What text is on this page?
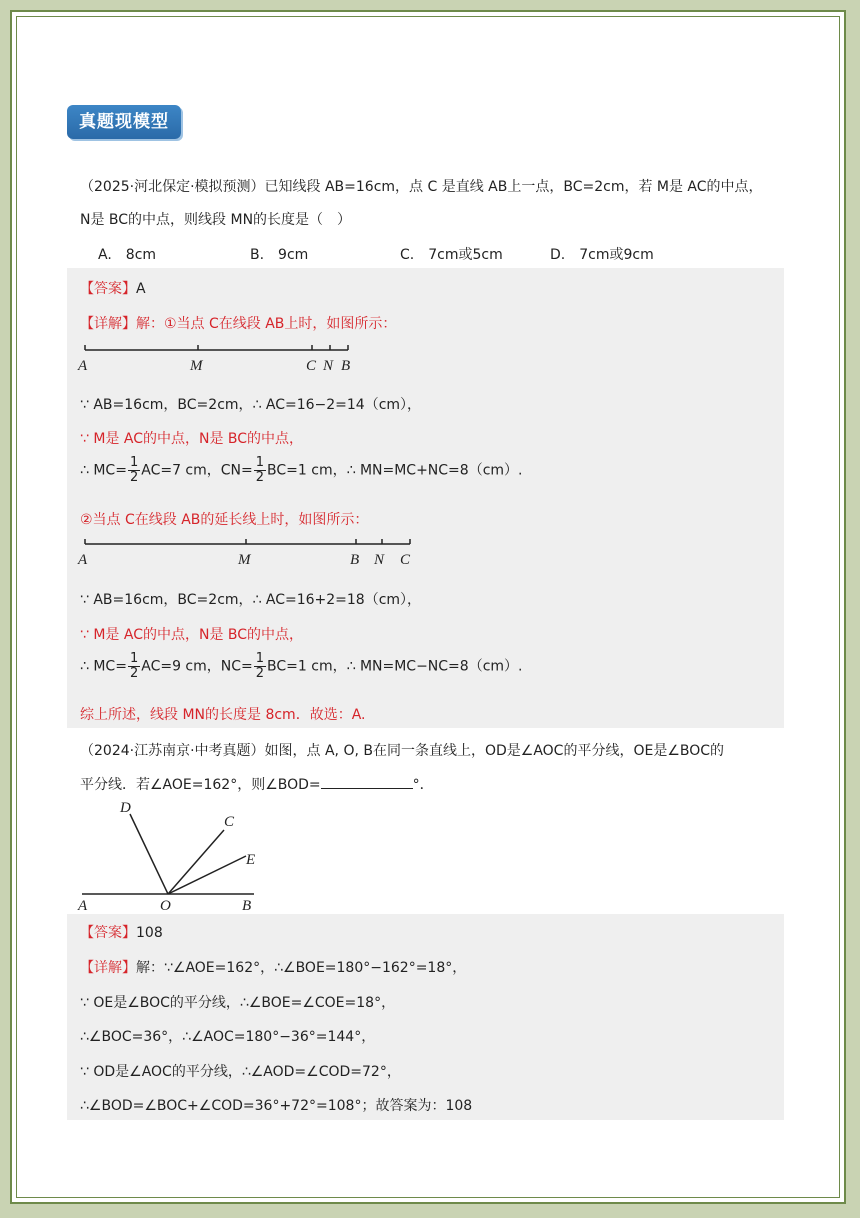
真题现模型
（2025·河北保定·模拟预测）已知线段 AB=16cm，点 C 是直线 AB上一点，BC=2cm，若 M是 AC的中点，
N是 BC的中点，则线段 MN的长度是（　）
A.　8cm	B.　9cm	C.　7cm或5cm	D.　7cm或9cm
【答案】A
【详解】解：①当点 C在线段 AB上时，如图所示：
A	M	C N B
∵ AB=16cm，BC=2cm，∴ AC=16−2=14（cm），
∵ M是 AC的中点，N是 BC的中点，
∴ $MC= \frac{1}{2} AC=7$ cm，$CN= \frac{1}{2} BC=1$ cm，∴ MN=MC+NC=8（cm）.
②当点 C在线段 AB的延长线上时，如图所示：
A	M	B N C
∵ AB=16cm，BC=2cm，∴ AC=16+2=18（cm），
∵ M是 AC的中点，N是 BC的中点，
∴ $MC= \frac{1}{2} AC=9$ cm，$NC= \frac{1}{2} BC=1$ cm，∴ MN=MC−NC=8（cm）.
综上所述，线段 MN的长度是 8cm．故选：A.
（2024·江苏南京·中考真题）如图，点 A, O, B在同一条直线上，OD是∠AOC的平分线，OE是∠BOC的
平分线．若∠AOE=162°，则∠BOD=	°．
D
C
E
A	O	B
【答案】108
【详解】解：∵∠AOE=162°，∴∠BOE=180°−162°=18°，
∵ OE是∠BOC的平分线，∴∠BOE=∠COE=18°，
∴∠BOC=36°，∴∠AOC=180°−36°=144°，
∵ OD是∠AOC的平分线，∴∠AOD=∠COD=72°，
∴∠BOD=∠BOC+∠COD=36°+72°=108°；故答案为：108
